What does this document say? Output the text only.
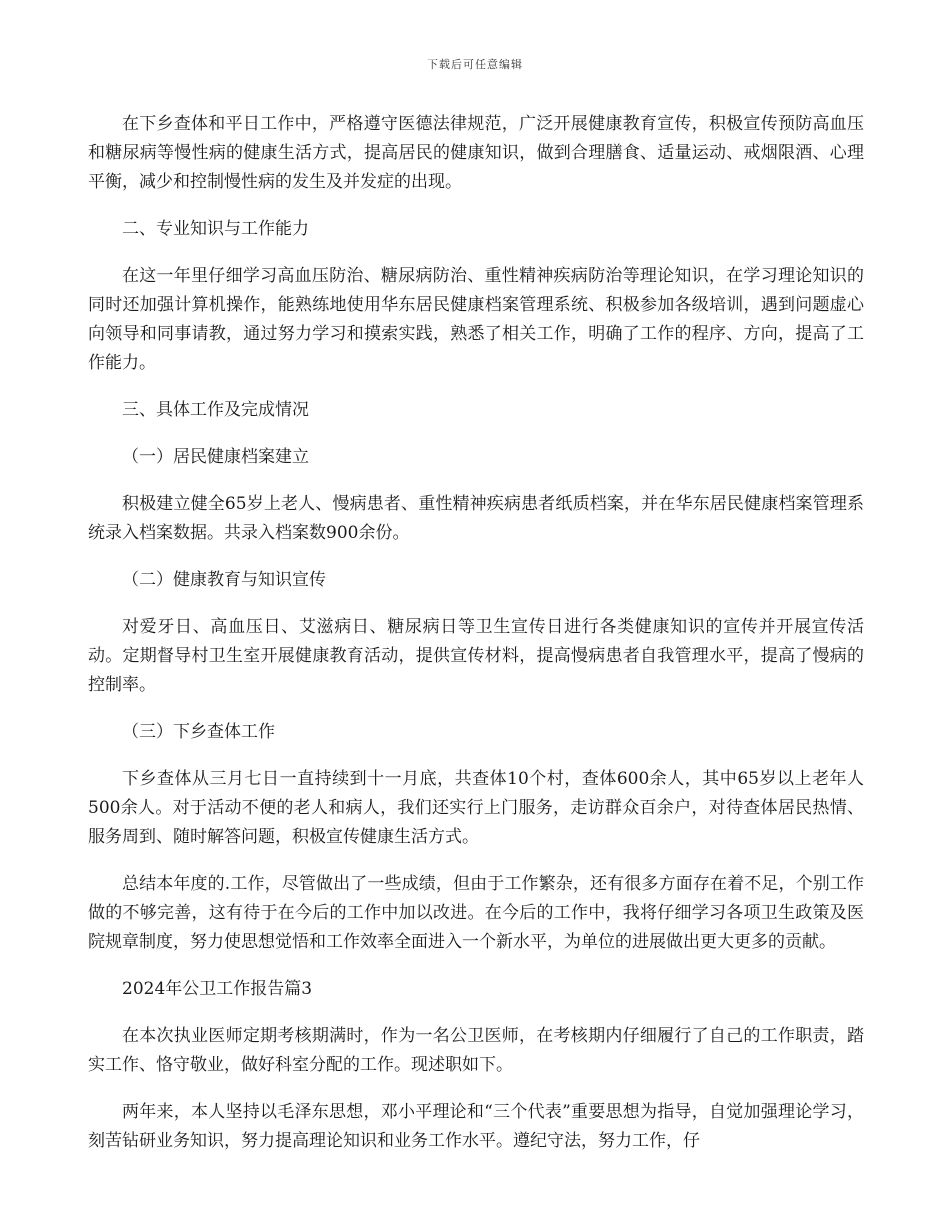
下载后可任意编辑

在下乡查体和平日工作中，严格遵守医德法律规范，广泛开展健康教育宣传，积极宣传预防高血压和糖尿病等慢性病的健康生活方式，提高居民的健康知识，做到合理膳食、适量运动、戒烟限酒、心理平衡，减少和控制慢性病的发生及并发症的出现。

二、专业知识与工作能力

在这一年里仔细学习高血压防治、糖尿病防治、重性精神疾病防治等理论知识，在学习理论知识的同时还加强计算机操作，能熟练地使用华东居民健康档案管理系统、积极参加各级培训，遇到问题虚心向领导和同事请教，通过努力学习和摸索实践，熟悉了相关工作，明确了工作的程序、方向，提高了工作能力。

三、具体工作及完成情况

（一）居民健康档案建立

积极建立健全65岁上老人、慢病患者、重性精神疾病患者纸质档案，并在华东居民健康档案管理系统录入档案数据。共录入档案数900余份。

（二）健康教育与知识宣传

对爱牙日、高血压日、艾滋病日、糖尿病日等卫生宣传日进行各类健康知识的宣传并开展宣传活动。定期督导村卫生室开展健康教育活动，提供宣传材料，提高慢病患者自我管理水平，提高了慢病的控制率。

（三）下乡查体工作

下乡查体从三月七日一直持续到十一月底，共查体10个村，查体600余人，其中65岁以上老年人500余人。对于活动不便的老人和病人，我们还实行上门服务，走访群众百余户，对待查体居民热情、服务周到、随时解答问题，积极宣传健康生活方式。

总结本年度的.工作，尽管做出了一些成绩，但由于工作繁杂，还有很多方面存在着不足，个别工作做的不够完善，这有待于在今后的工作中加以改进。在今后的工作中，我将仔细学习各项卫生政策及医院规章制度，努力使思想觉悟和工作效率全面进入一个新水平，为单位的进展做出更大更多的贡献。

2024年公卫工作报告篇3

在本次执业医师定期考核期满时，作为一名公卫医师，在考核期内仔细履行了自己的工作职责，踏实工作、恪守敬业，做好科室分配的工作。现述职如下。

两年来，本人坚持以毛泽东思想，邓小平理论和“三个代表”重要思想为指导，自觉加强理论学习，刻苦钻研业务知识，努力提高理论知识和业务工作水平。遵纪守法，努力工作，仔
